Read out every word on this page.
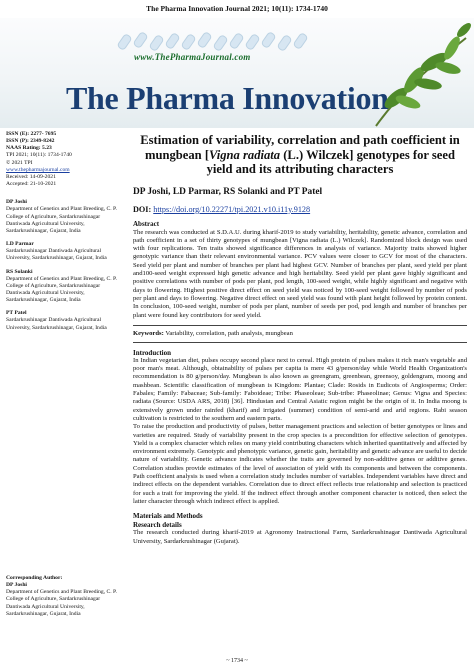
The Pharma Innovation Journal 2021; 10(11): 1734-1740
www.ThePharmaJournal.com
The Pharma Innovation
ISSN (E): 2277- 7695
ISSN (P): 2349-8242
NAAS Rating: 5.23
TPI 2021; 10(11): 1734-1740
© 2021 TPI
www.thepharmajournal.com
Received: 14-09-2021
Accepted: 21-10-2021
DP Joshi
Department of Genetics and Plant Breeding, C. P. College of Agriculture, Sardarkrushinagar Dantiwada Agricultural University, Sardarkrushinagar, Gujarat, India
LD Parmar
Sardarkrushinagar Dantiwada Agricultural University, Sardarkrushinagar, Gujarat, India
RS Solanki
Department of Genetics and Plant Breeding, C. P. College of Agriculture, Sardarkrushinagar Dantiwada Agricultural University, Sardarkrushinagar, Gujarat, India
PT Patel
Sardarkrushinagar Dantiwada Agricultural University, Sardarkrushinagar, Gujarat, India
Corresponding Author:
DP Joshi
Department of Genetics and Plant Breeding, C. P. College of Agriculture, Sardarkrushinagar Dantiwada Agricultural University, Sardarkrushinagar, Gujarat, India
Estimation of variability, correlation and path coefficient in mungbean [Vigna radiata (L.) Wilczek] genotypes for seed yield and its attributing characters
DP Joshi, LD Parmar, RS Solanki and PT Patel
DOI: https://doi.org/10.22271/tpi.2021.v10.i11y.9128
Abstract

The research was conducted at S.D.A.U. during kharif-2019 to study variability, heritability, genetic advance, correlation and path coefficient in a set of thirty genotypes of mungbean [Vigna radiata (L.) Wilczek]. Randomized block design was used with four replications. Ten traits showed significance differences in analysis of variance. Majority traits showed higher genotypic variance than their relevant environmental variance. PCV values were closer to GCV for most of the characters. Seed yield per plant and number of branches per plant had highest GCV. Number of branches per plant, seed yield per plant and100-seed weight expressed high genetic advance and high heritability. Seed yield per plant gave highly significant and positive correlations with number of pods per plant, pod length, 100-seed weight, while highly significant and negative with days to flowering. Highest positive direct effect on seed yield was noticed by 100-seed weight followed by number of pods per plant and days to flowering. Negative direct effect on seed yield was found with plant height followed by protein content. In conclusion, 100-seed weight, number of pods per plant, number of seeds per pod, pod length and number of branches per plant were found key contributors for seed yield.

Keywords: Variability, correlation, path analysis, mungbean
Introduction

In Indian vegetarian diet, pulses occupy second place next to cereal. High protein of pulses makes it rich man's vegetable and poor man's meat. Although, obtainability of pulses per capita is mere 43 g/person/day while World Health Organization's recommendation is 80 g/person/day. Mungbean is also known as greengram, greenbean, greensoy, goldengram, moong and mashbean. Scientific classification of mungbean is Kingdom: Plantae; Clade: Rosids in Eudicots of Angiosperms; Order: Fabales; Family: Fabaceae; Sub-family: Faboideae; Tribe: Phaseoleae; Sub-tribe: Phaseolinae; Genus: Vigna and Species: radiata (Source: USDA ARS, 2018) [36]. Hindustan and Central Asiatic region might be the origin of it. In India moong is extensively grown under rainfed (kharif) and irrigated (summer) condition of semi-arid and arid regions. Rabi season cultivation is restricted to the southern and eastern parts.

To raise the production and productivity of pulses, better management practices and selection of better genotypes or lines and varieties are required. Study of variability present in the crop species is a precondition for effective selection of genotypes. Yield is a complex character which relies on many yield contributing characters which inherited quantitatively and affected by environment extremely. Genotypic and phenotypic variance, genetic gain, heritability and genetic advance are useful to decide nature of variability. Genetic advance indicates whether the traits are governed by non-additive genes or additive genes. Correlation studies provide estimates of the level of association of yield with its components and between the components. Path coefficient analysis is used when a correlation study includes number of variables. Independent variables have direct and indirect effects on the dependent variables. Correlation due to direct effect reflects true relationship and selection is practiced for such a trait for improving the yield. If the indirect effect through another component character is noticed, then select the latter character through which indirect effect is applied.

Materials and Methods
Research details

The research conducted during kharif-2019 at Agronomy Instructional Farm, Sardarkrushinagar Dantiwada Agricultural University, Sardarkrushinagar (Gujarat).

~ 1734 ~
